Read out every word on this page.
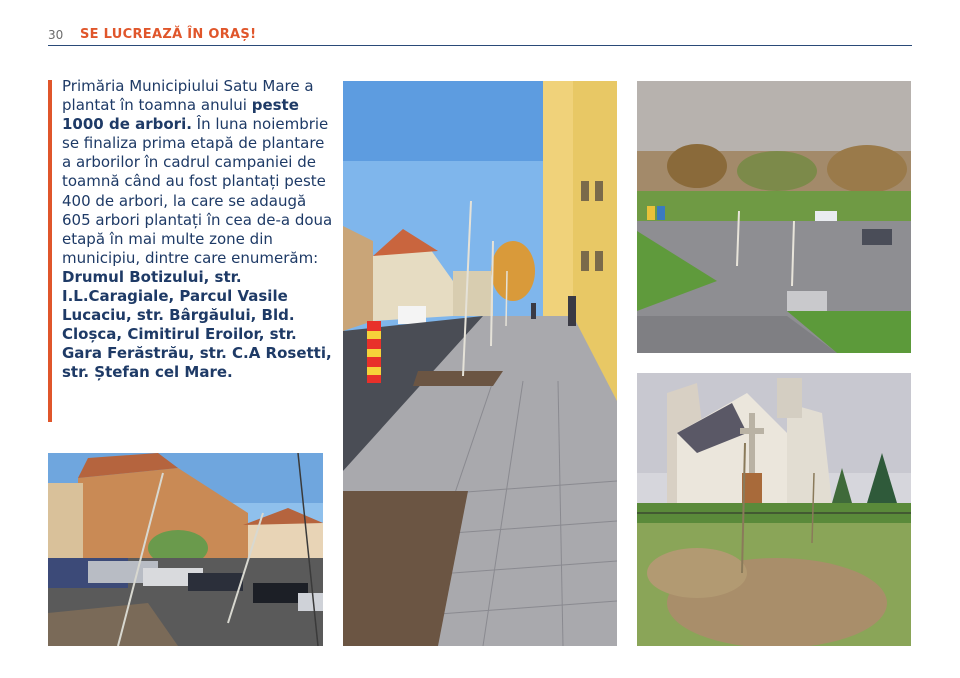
30 SE LUCREAZĂ ÎN ORAȘ!
Primăria Municipiului Satu Mare a plantat în toamna anului peste 1000 de arbori. În luna noiembrie se finaliza prima etapă de plantare a arborilor în cadrul campaniei de toamnă când au fost plantați peste 400 de arbori, la care se adaugă 605 arbori plantați în cea de-a doua etapă în mai multe zone din municipiu, dintre care enumerăm: Drumul Botizului, str. I.L.Caragiale, Parcul Vasile Lucaciu, str. Bârgăului, Bld. Cloșca, Cimitirul Eroilor, str. Gara Ferăstrău, str. C.A Rosetti, str. Ștefan cel Mare.
